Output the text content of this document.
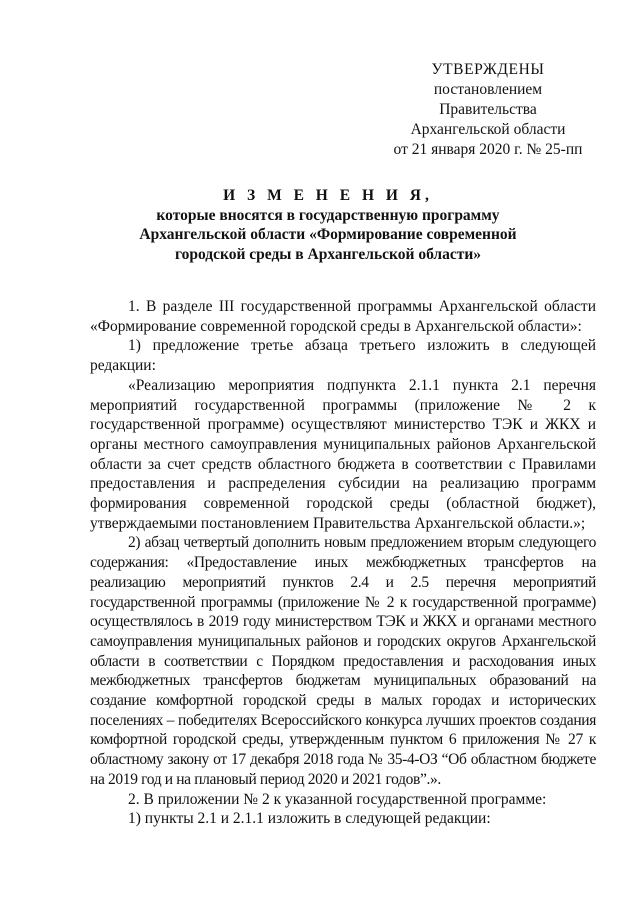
УТВЕРЖДЕНЫ
постановлением Правительства
Архангельской области
от 21 января 2020 г. № 25-пп
И З М Е Н Е Н И Я,
которые вносятся в государственную программу
Архангельской области «Формирование современной
городской среды в Архангельской области»

1. В разделе III государственной программы Архангельской области «Формирование современной городской среды в Архангельской области»:

1) предложение третье абзаца третьего изложить в следующей редакции:

«Реализацию мероприятия подпункта 2.1.1 пункта 2.1 перечня мероприятий государственной программы (приложение № 2 к государственной программе) осуществляют министерство ТЭК и ЖКХ и органы местного самоуправления муниципальных районов Архангельской области за счет средств областного бюджета в соответствии с Правилами предоставления и распределения субсидии на реализацию программ формирования современной городской среды (областной бюджет), утверждаемыми постановлением Правительства Архангельской области.»;

2) абзац четвертый дополнить новым предложением вторым следующего содержания: «Предоставление иных межбюджетных трансфертов на реализацию мероприятий пунктов 2.4 и 2.5 перечня мероприятий государственной программы (приложение № 2 к государственной программе) осуществлялось в 2019 году министерством ТЭК и ЖКХ и органами местного самоуправления муниципальных районов и городских округов Архангельской области в соответствии с Порядком предоставления и расходования иных межбюджетных трансфертов бюджетам муниципальных образований на создание комфортной городской среды в малых городах и исторических поселениях – победителях Всероссийского конкурса лучших проектов создания комфортной городской среды, утвержденным пунктом 6 приложения № 27 к областному закону от 17 декабря 2018 года № 35-4-ОЗ “Об областном бюджете на 2019 год и на плановый период 2020 и 2021 годов”.».

2. В приложении № 2 к указанной государственной программе:

1) пункты 2.1 и 2.1.1 изложить в следующей редакции:
